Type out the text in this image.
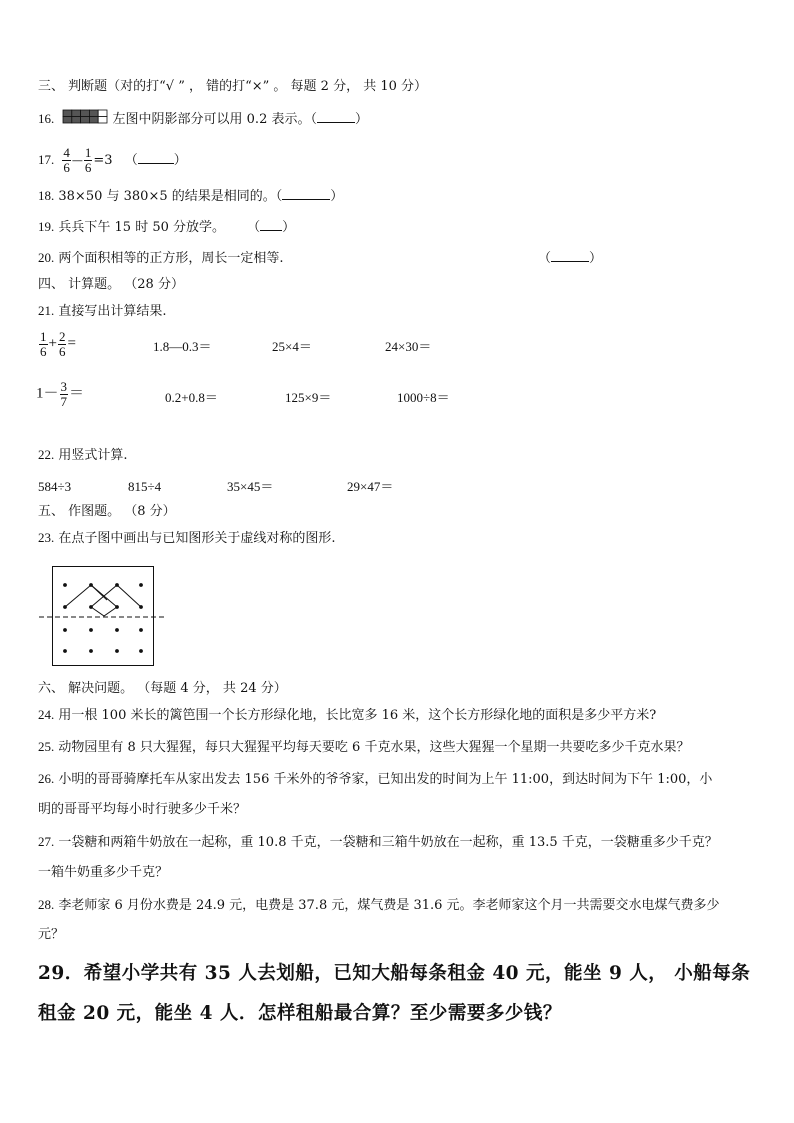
三、 判断题（对的打“√ ” ， 错的打“×” 。 每题 2 分， 共 10 分）
16.	左图中阴影部分可以用 0.2 表示。（	）
17. $\frac{4}{6}$ — $\frac{1}{6} =3$ （	）
18. 38×50 与 380×5 的结果是相同的。（	）
19. 兵兵下午 15 时 50 分放学。 （ ）
20. 两个面积相等的正方形，周长一定相等.	（	）
四、 计算题。 （28 分）
21. 直接写出计算结果.
$\frac{1}{6} + \frac{2}{6}$ =	1.8—0.3＝	25×4＝	24×30＝
$1- \frac{3}{7}$ ＝	0.2+0.8＝	125×9＝	1000÷8＝
22. 用竖式计算.
584÷3	815÷4	35×45＝	29×47＝
五、 作图题。 （8 分）
23. 在点子图中画出与已知图形关于虚线对称的图形.
六、 解决问题。 （每题 4 分， 共 24 分）
24. 用一根 100 米长的篱笆围一个长方形绿化地，长比宽多 16 米，这个长方形绿化地的面积是多少平方米?
25. 动物园里有 8 只大猩猩，每只大猩猩平均每天要吃 6 千克水果，这些大猩猩一个星期一共要吃多少千克水果？
26. 小明的哥哥骑摩托车从家出发去 156 千米外的爷爷家，已知出发的时间为上午 11:00，到达时间为下午 1:00，小
明的哥哥平均每小时行驶多少千米？
27. 一袋糖和两箱牛奶放在一起称，重 10.8 千克，一袋糖和三箱牛奶放在一起称，重 13.5 千克，一袋糖重多少千克？
一箱牛奶重多少千克？
28. 李老师家 6 月份水费是 24.9 元，电费是 37.8 元，煤气费是 31.6 元。李老师家这个月一共需要交水电煤气费多少
元？
29．希望小学共有 35 人去划船，已知大船每条租金 40 元，能坐 9 人， 小船每条
租金 20 元，能坐 4 人．怎样租船最合算？至少需要多少钱？
